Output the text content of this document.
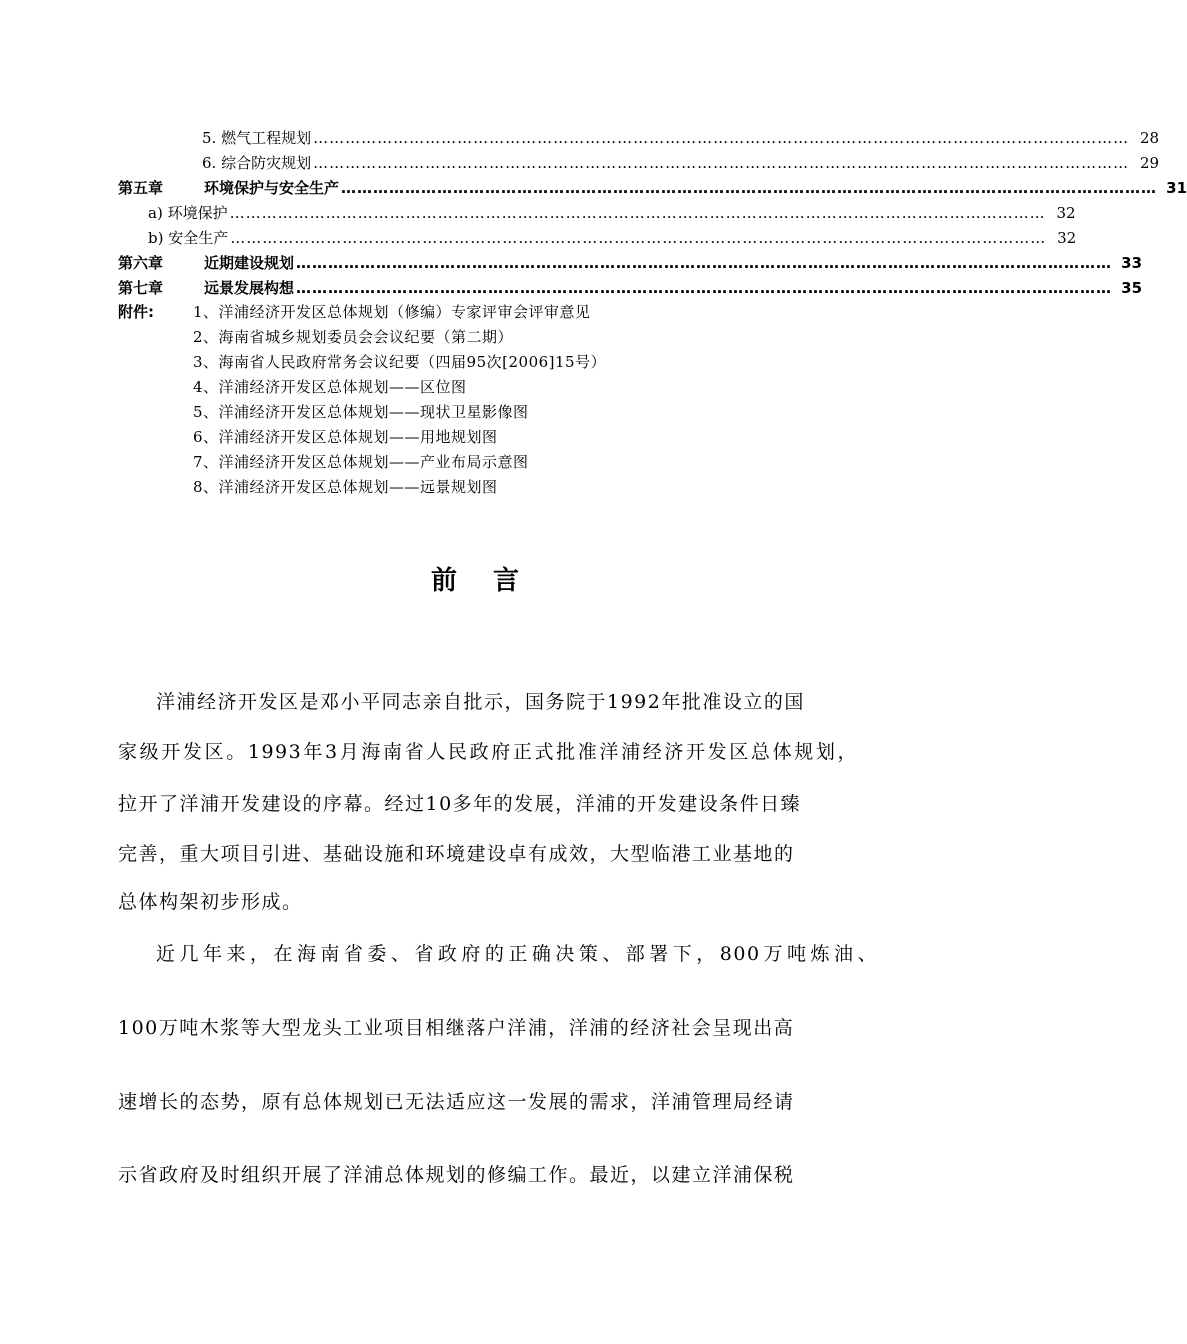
5. 燃气工程规划 ……………………………………………………………………………………………………………………………………… 28
6. 综合防灾规划 ……………………………………………………………………………………………………………………………………… 29
第五章	环境保护与安全生产 ……………………………………………………………………………………………………………………………………… 31
a) 环境保护 ……………………………………………………………………………………………………………………………………… 32
b) 安全生产 ……………………………………………………………………………………………………………………………………… 32
第六章	近期建设规划 ……………………………………………………………………………………………………………………………………… 33
第七章	远景发展构想 ……………………………………………………………………………………………………………………………………… 35
附件:	1、洋浦经济开发区总体规划（修编）专家评审会评审意见
2、海南省城乡规划委员会会议纪要（第二期）
3、海南省人民政府常务会议纪要（四届95次[2006]15号）
4、洋浦经济开发区总体规划——区位图
5、洋浦经济开发区总体规划——现状卫星影像图
6、洋浦经济开发区总体规划——用地规划图
7、洋浦经济开发区总体规划——产业布局示意图
8、洋浦经济开发区总体规划——远景规划图
前言
洋浦经济开发区是邓小平同志亲自批示，国务院于1992年批准设立的国
家级开发区。1993年3月海南省人民政府正式批准洋浦经济开发区总体规划，
拉开了洋浦开发建设的序幕。经过10多年的发展，洋浦的开发建设条件日臻
完善，重大项目引进、基础设施和环境建设卓有成效，大型临港工业基地的
总体构架初步形成。
近几年来，在海南省委、省政府的正确决策、部署下，800万吨炼油、
100万吨木浆等大型龙头工业项目相继落户洋浦，洋浦的经济社会呈现出高
速增长的态势，原有总体规划已无法适应这一发展的需求，洋浦管理局经请
示省政府及时组织开展了洋浦总体规划的修编工作。最近，以建立洋浦保税
